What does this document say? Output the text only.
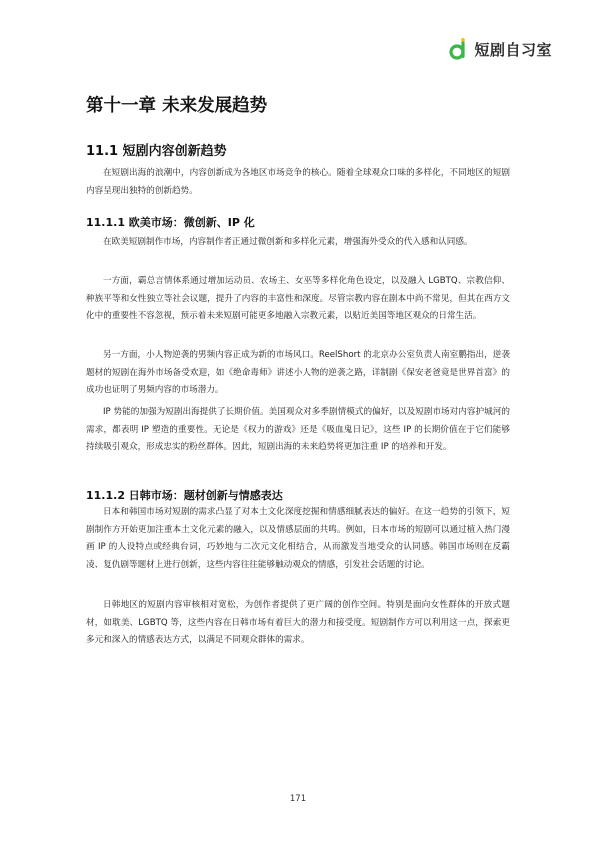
短剧自习室
第十一章 未来发展趋势
11.1 短剧内容创新趋势

在短剧出海的浪潮中，内容创新成为各地区市场竞争的核心。随着全球观众口味的多样化，不同地区的短剧内容呈现出独特的创新趋势。

11.1.1 欧美市场：微创新、IP 化

在欧美短剧制作市场，内容制作者正通过微创新和多样化元素，增强海外受众的代入感和认同感。

一方面，霸总言情体系通过增加运动员、农场主、女巫等多样化角色设定，以及融入 LGBTQ、宗教信仰、种族平等和女性独立等社会议题，提升了内容的丰富性和深度。尽管宗教内容在剧本中尚不常见，但其在西方文化中的重要性不容忽视，预示着未来短剧可能更多地融入宗教元素，以贴近美国等地区观众的日常生活。

另一方面，小人物逆袭的男频内容正成为新的市场风口。ReelShort 的北京办公室负责人南室鹏指出，逆袭题材的短剧在海外市场备受欢迎，如《绝命毒师》讲述小人物的逆袭之路，详制剧《保安老爸竟是世界首富》的成功也证明了男频内容的市场潜力。

IP 势能的加强为短剧出海提供了长期价值。美国观众对多季剧情模式的偏好，以及短剧市场对内容护城河的需求，都表明 IP 塑造的重要性。无论是《权力的游戏》还是《吸血鬼日记》，这些 IP 的长期价值在于它们能够持续吸引观众，形成忠实的粉丝群体。因此，短剧出海的未来趋势将更加注重 IP 的培养和开发。

11.1.2 日韩市场：题材创新与情感表达

日本和韩国市场对短剧的需求凸显了对本土文化深度挖掘和情感细腻表达的偏好。在这一趋势的引领下，短剧制作方开始更加注重本土文化元素的融入，以及情感层面的共鸣。例如，日本市场的短剧可以通过植入热门漫画 IP 的人设特点或经典台词，巧妙地与二次元文化相结合，从而激发当地受众的认同感。韩国市场则在反霸凌、复仇剧等题材上进行创新，这些内容往往能够触动观众的情感，引发社会话题的讨论。

日韩地区的短剧内容审核相对宽松，为创作者提供了更广阔的创作空间。特别是面向女性群体的开放式题材，如耽美、LGBTQ 等，这些内容在日韩市场有着巨大的潜力和接受度。短剧制作方可以利用这一点，探索更多元和深入的情感表达方式，以满足不同观众群体的需求。

171
